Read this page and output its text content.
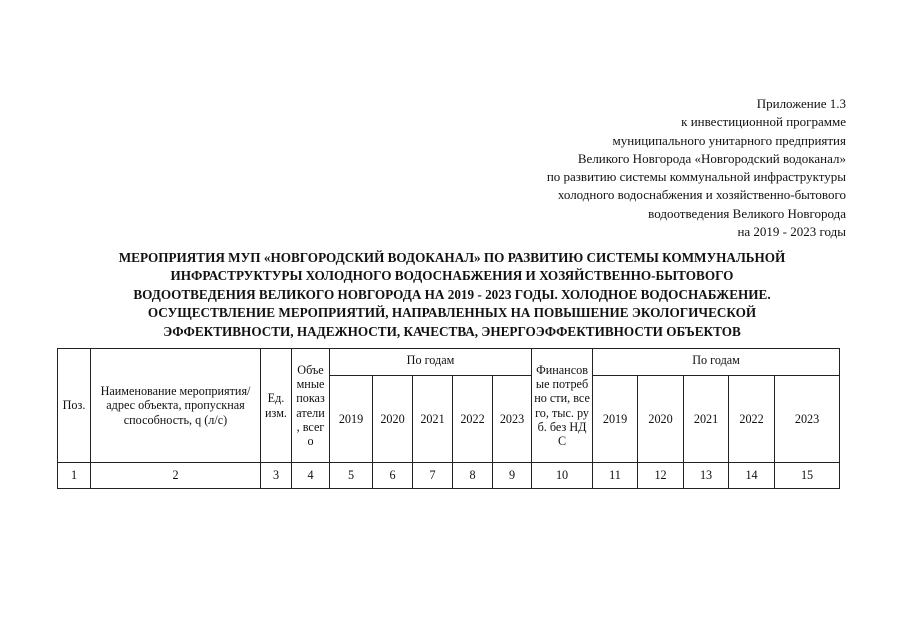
Приложение 1.3
к инвестиционной программе
муниципального унитарного предприятия
Великого Новгорода «Новгородский водоканал»
по развитию системы коммунальной инфраструктуры
холодного водоснабжения и хозяйственно-бытового
водоотведения Великого Новгорода
на 2019 - 2023 годы
МЕРОПРИЯТИЯ МУП «НОВГОРОДСКИЙ ВОДОКАНАЛ» ПО РАЗВИТИЮ СИСТЕМЫ КОММУНАЛЬНОЙ
ИНФРАСТРУКТУРЫ ХОЛОДНОГО ВОДОСНАБЖЕНИЯ И ХОЗЯЙСТВЕННО-БЫТОВОГО
ВОДООТВЕДЕНИЯ ВЕЛИКОГО НОВГОРОДА НА 2019 - 2023 ГОДЫ. ХОЛОДНОЕ ВОДОСНАБЖЕНИЕ.
ОСУЩЕСТВЛЕНИЕ МЕРОПРИЯТИЙ, НАПРАВЛЕННЫХ НА ПОВЫШЕНИЕ ЭКОЛОГИЧЕСКОЙ
ЭФФЕКТИВНОСТИ, НАДЕЖНОСТИ, КАЧЕСТВА, ЭНЕРГОЭФФЕКТИВНОСТИ ОБЪЕКТОВ
Поз.	Наименование мероприятия/адрес объекта, пропускная способность, q (л/с)	Ед. изм.	Объе мные показ атели , всего	По годам					Финансов ые потребно сти, всего, тыс. руб. без НДС	По годам				
				2019	2020	2021	2022	2023		2019	2020	2021	2022	2023
1	2	3	4	5	6	7	8	9	10	11	12	13	14	15
